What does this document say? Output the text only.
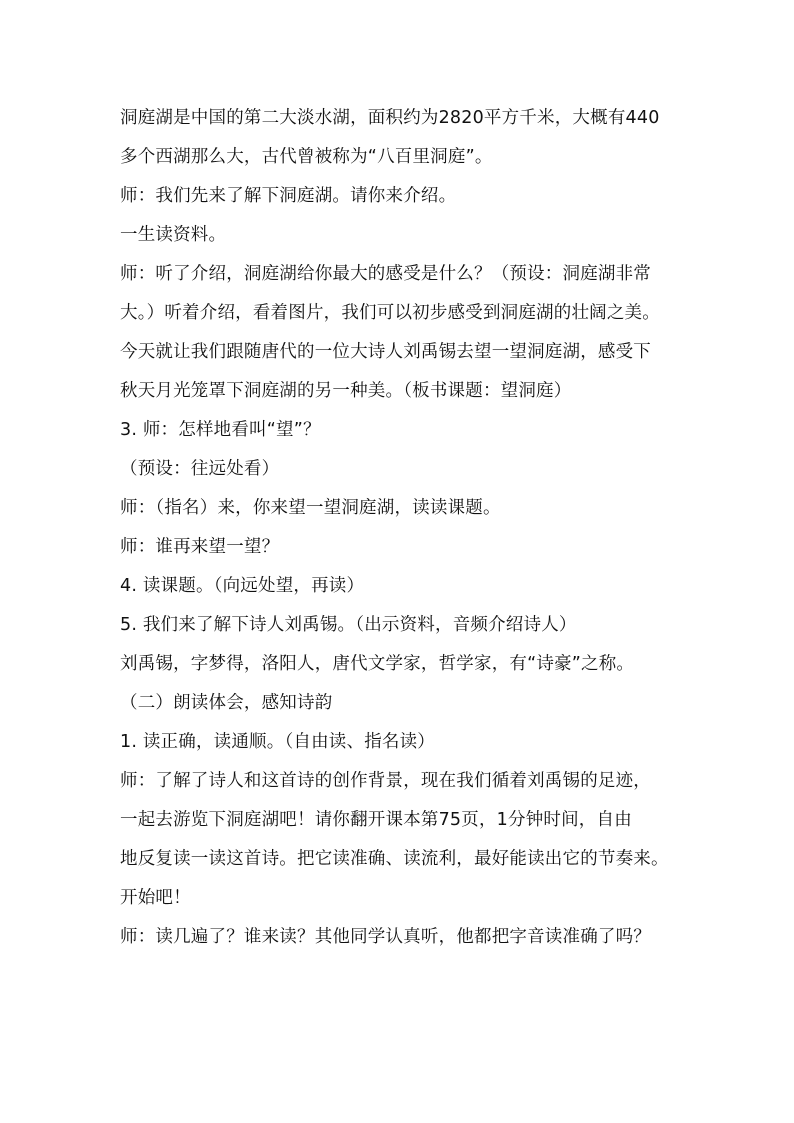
洞庭湖是中国的第二大淡水湖，面积约为2820平方千米，大概有440
多个西湖那么大，古代曾被称为“八百里洞庭”。
师：我们先来了解下洞庭湖。请你来介绍。
一生读资料。
师：听了介绍，洞庭湖给你最大的感受是什么？（预设：洞庭湖非常
大。）听着介绍，看着图片，我们可以初步感受到洞庭湖的壮阔之美。
今天就让我们跟随唐代的一位大诗人刘禹锡去望一望洞庭湖，感受下
秋天月光笼罩下洞庭湖的另一种美。（板书课题：望洞庭）
3. 师：怎样地看叫“望”？
（预设：往远处看）
师：（指名）来，你来望一望洞庭湖，读读课题。
师：谁再来望一望？
4. 读课题。（向远处望，再读）
5. 我们来了解下诗人刘禹锡。（出示资料，音频介绍诗人）
刘禹锡，字梦得，洛阳人，唐代文学家，哲学家，有“诗豪”之称。
（二）朗读体会，感知诗韵
1. 读正确，读通顺。（自由读、指名读）
师：了解了诗人和这首诗的创作背景，现在我们循着刘禹锡的足迹，
一起去游览下洞庭湖吧！请你翻开课本第75页，1分钟时间，自由
地反复读一读这首诗。把它读准确、读流利，最好能读出它的节奏来。
开始吧！
师：读几遍了？谁来读？其他同学认真听，他都把字音读准确了吗？
